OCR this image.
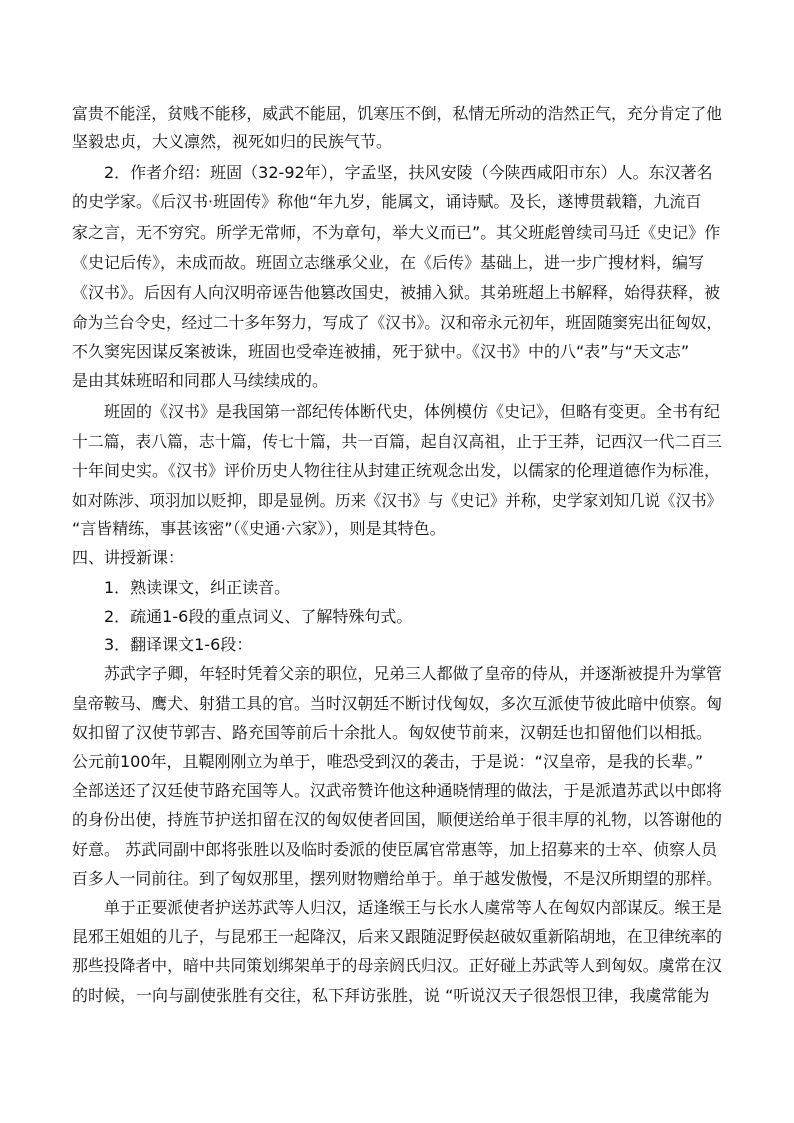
富贵不能淫，贫贱不能移，威武不能屈，饥寒压不倒，私情无所动的浩然正气，充分肯定了他
坚毅忠贞，大义凛然，视死如归的民族气节。
2．作者介绍：班固（32-92年），字孟坚，扶风安陵（今陕西咸阳市东）人。东汉著名
的史学家。《后汉书·班固传》称他“年九岁，能属文，诵诗赋。及长，遂博贯载籍，九流百
家之言，无不穷究。所学无常师，不为章句，举大义而已”。其父班彪曾续司马迁《史记》作
《史记后传》，未成而故。班固立志继承父业，在《后传》基础上，进一步广搜材料，编写
《汉书》。后因有人向汉明帝诬告他篡改国史，被捕入狱。其弟班超上书解释，始得获释，被
命为兰台令史，经过二十多年努力，写成了《汉书》。汉和帝永元初年，班固随窦宪出征匈奴，
不久窦宪因谋反案被诛，班固也受牵连被捕，死于狱中。《汉书》中的八“表”与“天文志”
是由其妹班昭和同郡人马续续成的。
班固的《汉书》是我国第一部纪传体断代史，体例模仿《史记》，但略有变更。全书有纪
十二篇，表八篇，志十篇，传七十篇，共一百篇，起自汉高祖，止于王莽，记西汉一代二百三
十年间史实。《汉书》评价历史人物往往从封建正统观念出发，以儒家的伦理道德作为标准，
如对陈涉、项羽加以贬抑，即是显例。历来《汉书》与《史记》并称，史学家刘知几说《汉书》
“言皆精练，事甚该密”（《史通·六家》），则是其特色。
四、讲授新课：
1．熟读课文，纠正读音。
2．疏通1-6段的重点词义、了解特殊句式。
3．翻译课文1-6段：
苏武字子卿，年轻时凭着父亲的职位，兄弟三人都做了皇帝的侍从，并逐渐被提升为掌管
皇帝鞍马、鹰犬、射猎工具的官。当时汉朝廷不断讨伐匈奴，多次互派使节彼此暗中侦察。匈
奴扣留了汉使节郭吉、路充国等前后十余批人。匈奴使节前来，汉朝廷也扣留他们以相抵。
公元前100年，且鞮刚刚立为单于，唯恐受到汉的袭击，于是说：“汉皇帝，是我的长辈。”
全部送还了汉廷使节路充国等人。汉武帝赞许他这种通晓情理的做法，于是派遣苏武以中郎将
的身份出使，持旌节护送扣留在汉的匈奴使者回国，顺便送给单于很丰厚的礼物，以答谢他的
好意。 苏武同副中郎将张胜以及临时委派的使臣属官常惠等，加上招募来的士卒、侦察人员
百多人一同前往。到了匈奴那里，摆列财物赠给单于。单于越发傲慢，不是汉所期望的那样。
单于正要派使者护送苏武等人归汉，适逢缑王与长水人虞常等人在匈奴内部谋反。缑王是
昆邪王姐姐的儿子，与昆邪王一起降汉，后来又跟随浞野侯赵破奴重新陷胡地，在卫律统率的
那些投降者中，暗中共同策划绑架单于的母亲阏氏归汉。正好碰上苏武等人到匈奴。虞常在汉
的时候，一向与副使张胜有交往，私下拜访张胜，说 “听说汉天子很怨恨卫律，我虞常能为
